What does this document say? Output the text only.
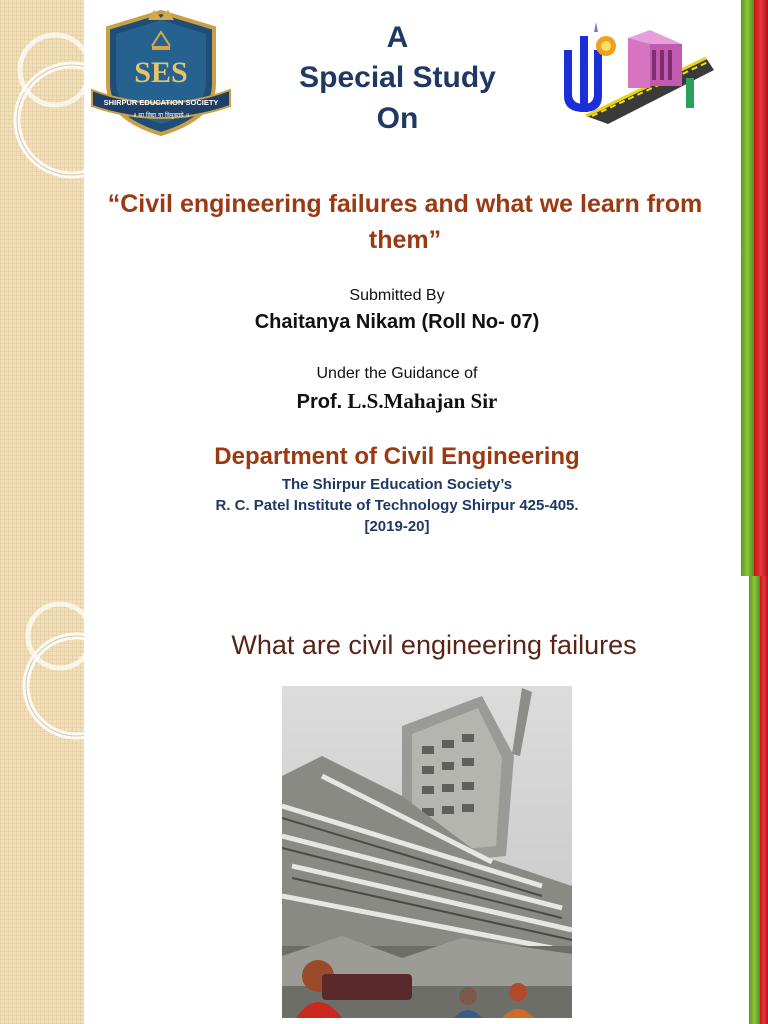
SES
SHIRPUR EDUCATION SOCIETY
॥ सा विद्या या विमुक्तये ॥
A
Special Study
On
“Civil engineering failures and what we learn from them”
Submitted By
Chaitanya Nikam (Roll No- 07)
Under the Guidance of
Prof. L.S.Mahajan Sir
Department of Civil Engineering
The Shirpur Education Society’s
R. C. Patel Institute of Technology Shirpur 425-405.
[2019-20]
What are civil engineering failures
